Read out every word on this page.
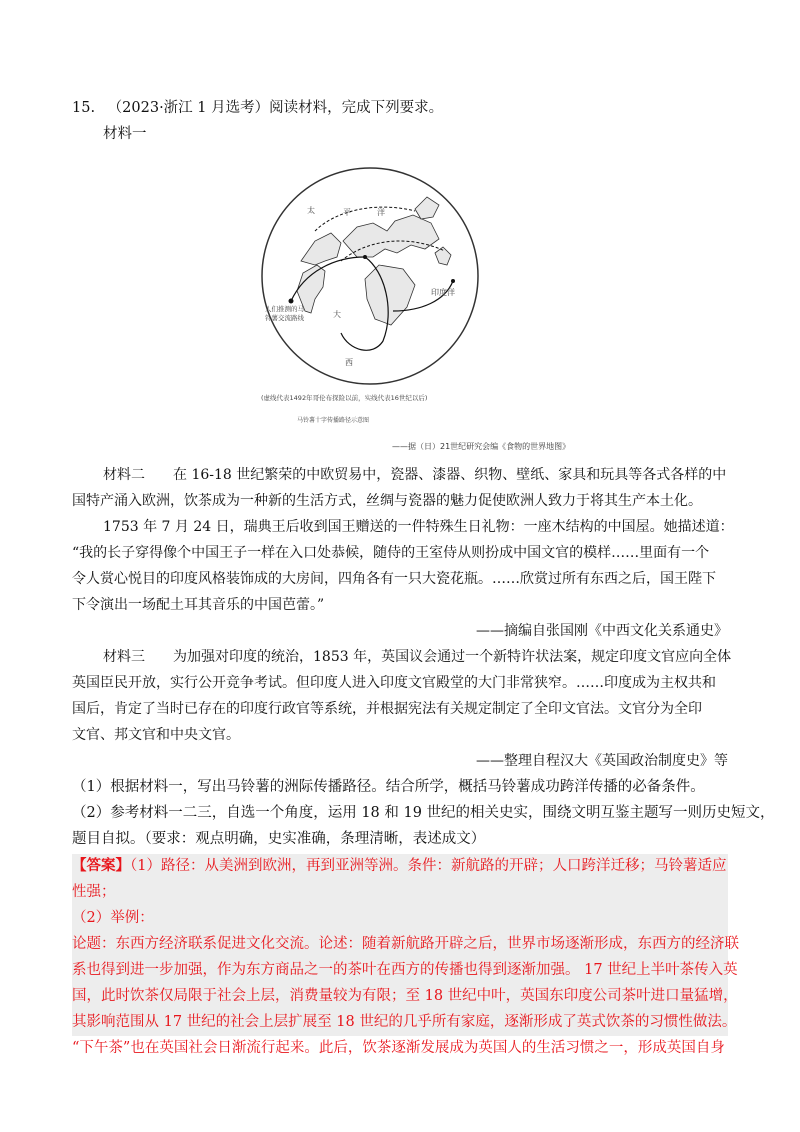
15. （2023·浙江 1 月选考）阅读材料，完成下列要求。
材料一
太	平	洋
大
西
印度洋
人们推测的马铃薯交流路线
(虚线代表1492年哥伦布探险以前，实线代表16世纪以后)
马铃薯十字传播路径示意图
——据（日）21世纪研究会编《食物的世界地图》
材料二　　在 16-18 世纪繁荣的中欧贸易中，瓷器、漆器、织物、壁纸、家具和玩具等各式各样的中
国特产涌入欧洲，饮茶成为一种新的生活方式，丝绸与瓷器的魅力促使欧洲人致力于将其生产本土化。
1753 年 7 月 24 日，瑞典王后收到国王赠送的一件特殊生日礼物：一座木结构的中国屋。她描述道：
“我的长子穿得像个中国王子一样在入口处恭候，随侍的王室侍从则扮成中国文官的模样……里面有一个
令人赏心悦目的印度风格装饰成的大房间，四角各有一只大瓷花瓶。……欣赏过所有东西之后，国王陛下
下令演出一场配土耳其音乐的中国芭蕾。”
——摘编自张国刚《中西文化关系通史》
材料三　　为加强对印度的统治，1853 年，英国议会通过一个新特许状法案，规定印度文官应向全体
英国臣民开放，实行公开竞争考试。但印度人进入印度文官殿堂的大门非常狭窄。……印度成为主权共和
国后，肯定了当时已存在的印度行政官等系统，并根据宪法有关规定制定了全印文官法。文官分为全印
文官、邦文官和中央文官。
——整理自程汉大《英国政治制度史》等
（1）根据材料一，写出马铃薯的洲际传播路径。结合所学，概括马铃薯成功跨洋传播的必备条件。
（2）参考材料一二三，自选一个角度，运用 18 和 19 世纪的相关史实，围绕文明互鉴主题写一则历史短文，
题目自拟。（要求：观点明确，史实准确，条理清晰，表述成文）
【答案】（1）路径：从美洲到欧洲，再到亚洲等洲。条件：新航路的开辟；人口跨洋迁移；马铃薯适应
性强；
（2）举例：
论题：东西方经济联系促进文化交流。论述：随着新航路开辟之后，世界市场逐渐形成，东西方的经济联
系也得到进一步加强，作为东方商品之一的茶叶在西方的传播也得到逐渐加强。 17 世纪上半叶茶传入英
国，此时饮茶仅局限于社会上层，消费量较为有限；至 18 世纪中叶，英国东印度公司茶叶进口量猛增，
其影响范围从 17 世纪的社会上层扩展至 18 世纪的几乎所有家庭，逐渐形成了英式饮茶的习惯性做法。
“下午茶”也在英国社会日渐流行起来。此后，饮茶逐渐发展成为英国人的生活习惯之一，形成英国自身
